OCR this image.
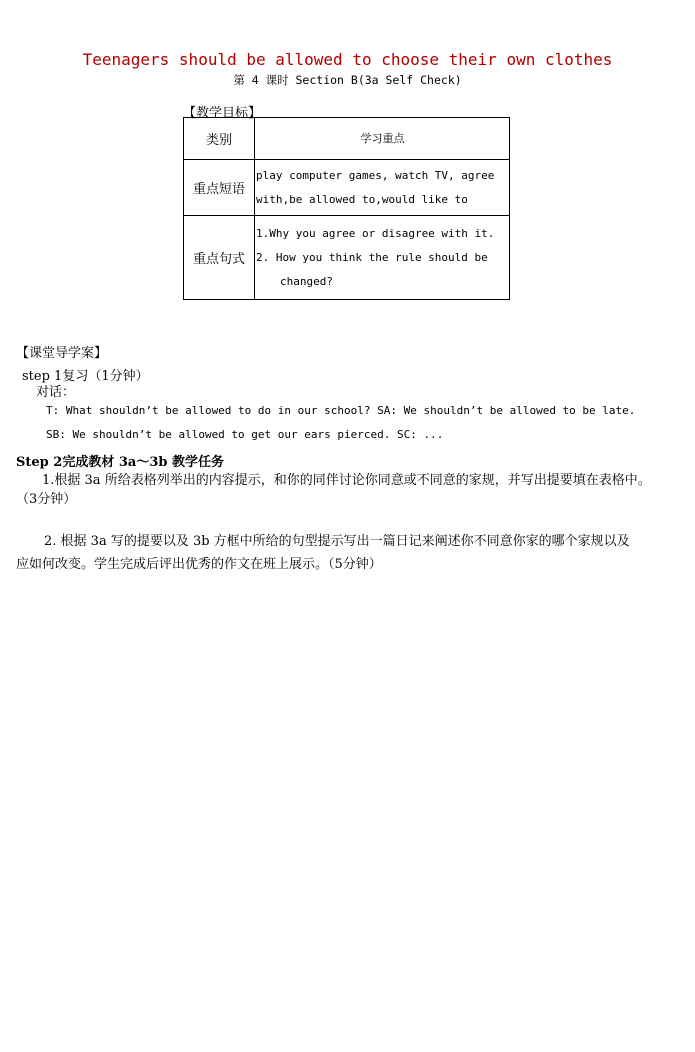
Teenagers should be allowed to choose their own clothes
第 4 课时 Section B(3a Self Check)
【教学目标】
类别	学习重点
重点短语	play computer games, watch TV, agree
with,be allowed to,would like to

重点句式	1.Why you agree or disagree with it.
2. How you think the rule should be
changed?
【课堂导学案】
step 1复习（1分钟）
对话：
T: What shouldn’t be allowed to do in our school? SA: We shouldn’t be allowed to be late.
SB: We shouldn’t be allowed to get our ears pierced. SC: ...
Step 2完成教材 3a～3b 教学任务
1.根据 3a 所给表格列举出的内容提示，和你的同伴讨论你同意或不同意的家规，并写出提要填在表格中。
（3分钟）
2. 根据 3a 写的提要以及 3b 方框中所给的句型提示写出一篇日记来阐述你不同意你家的哪个家规以及
应如何改变。学生完成后评出优秀的作文在班上展示。（5分钟）
